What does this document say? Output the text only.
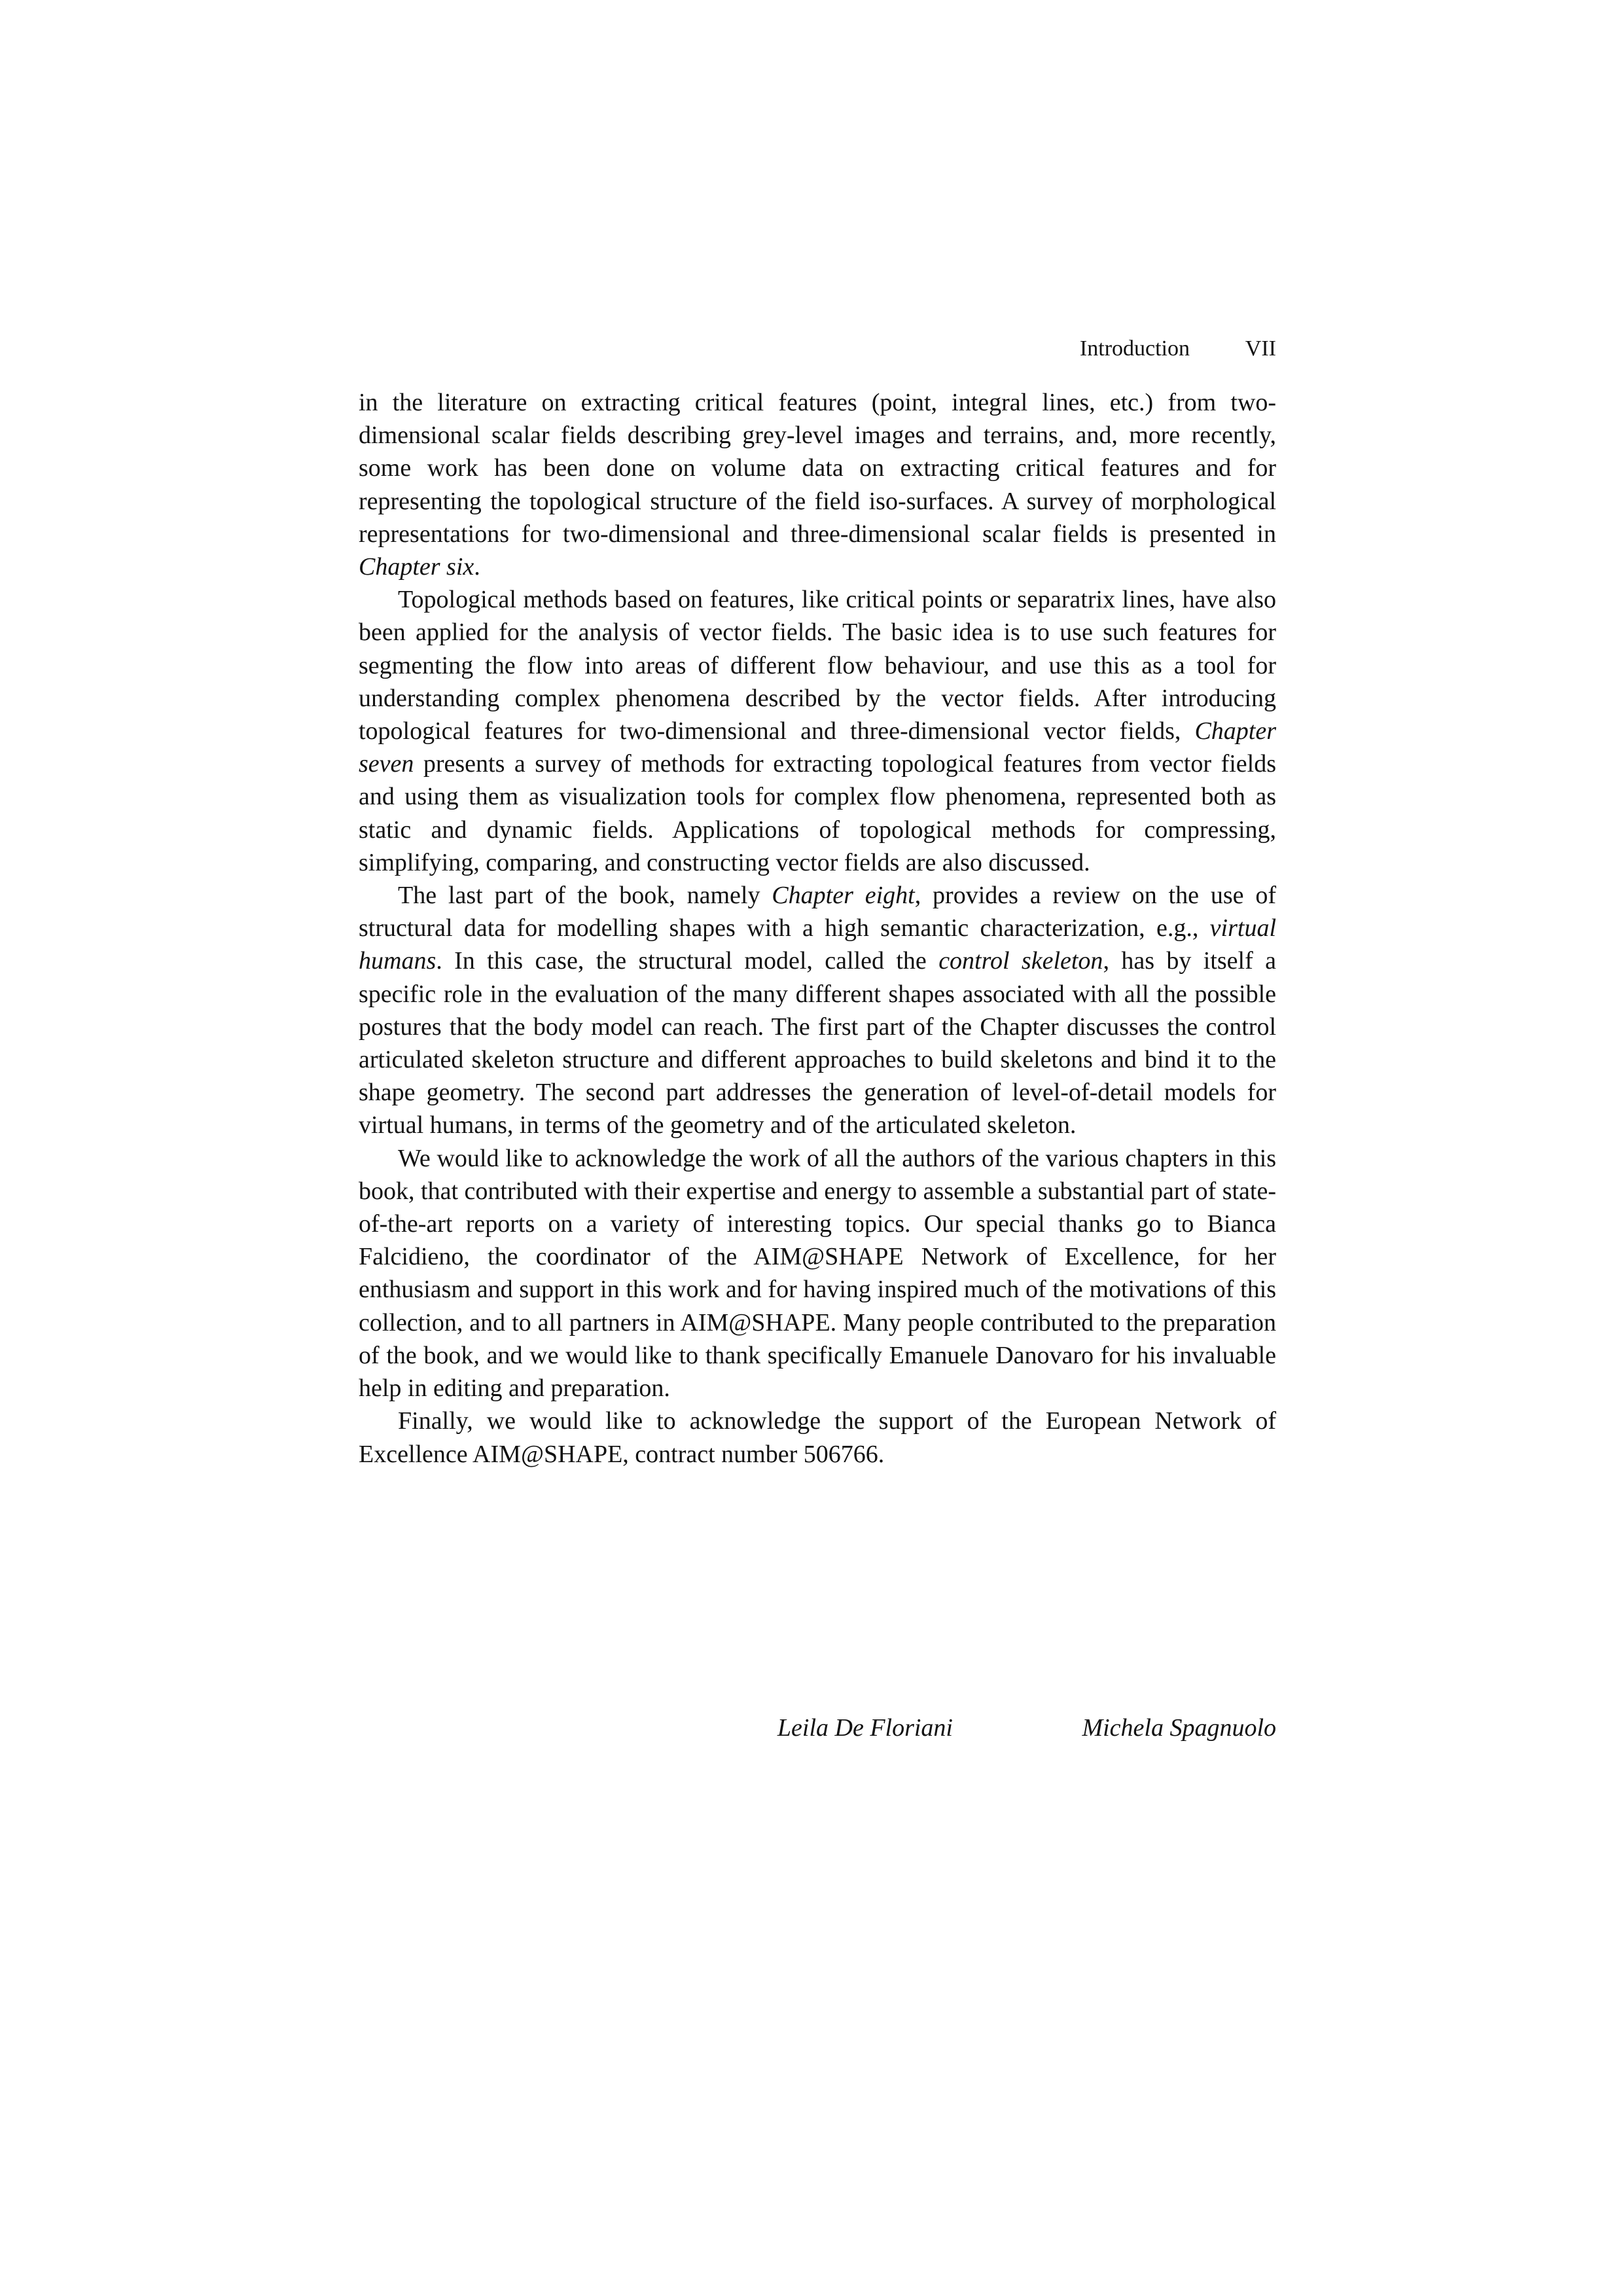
Introduction VII

in the literature on extracting critical features (point, integral lines, etc.) from two-dimensional scalar fields describing grey-level images and terrains, and, more recently, some work has been done on volume data on extracting critical features and for representing the topological structure of the field iso-surfaces. A survey of morphological representations for two-dimensional and three-dimensional scalar fields is presented in Chapter six.

Topological methods based on features, like critical points or separatrix lines, have also been applied for the analysis of vector fields. The basic idea is to use such features for segmenting the flow into areas of different flow behaviour, and use this as a tool for understanding complex phenomena described by the vector fields. After introducing topological features for two-dimensional and three-dimensional vector fields, Chapter seven presents a survey of methods for extracting topological features from vector fields and using them as visualization tools for complex flow phenomena, represented both as static and dynamic fields. Applications of topological methods for compressing, simplifying, comparing, and constructing vector fields are also discussed.

The last part of the book, namely Chapter eight, provides a review on the use of structural data for modelling shapes with a high semantic characterization, e.g., virtual humans. In this case, the structural model, called the control skeleton, has by itself a specific role in the evaluation of the many different shapes associated with all the possible postures that the body model can reach. The first part of the Chapter discusses the control articulated skeleton structure and different approaches to build skeletons and bind it to the shape geometry. The second part addresses the generation of level-of-detail models for virtual humans, in terms of the geometry and of the articulated skeleton.

We would like to acknowledge the work of all the authors of the various chapters in this book, that contributed with their expertise and energy to assemble a substantial part of state-of-the-art reports on a variety of interesting topics. Our special thanks go to Bianca Falcidieno, the coordinator of the AIM@SHAPE Network of Excellence, for her enthusiasm and support in this work and for having inspired much of the motivations of this collection, and to all partners in AIM@SHAPE. Many people contributed to the preparation of the book, and we would like to thank specifically Emanuele Danovaro for his invaluable help in editing and preparation.

Finally, we would like to acknowledge the support of the European Network of Excellence AIM@SHAPE, contract number 506766.

Leila De Floriani	Michela Spagnuolo
